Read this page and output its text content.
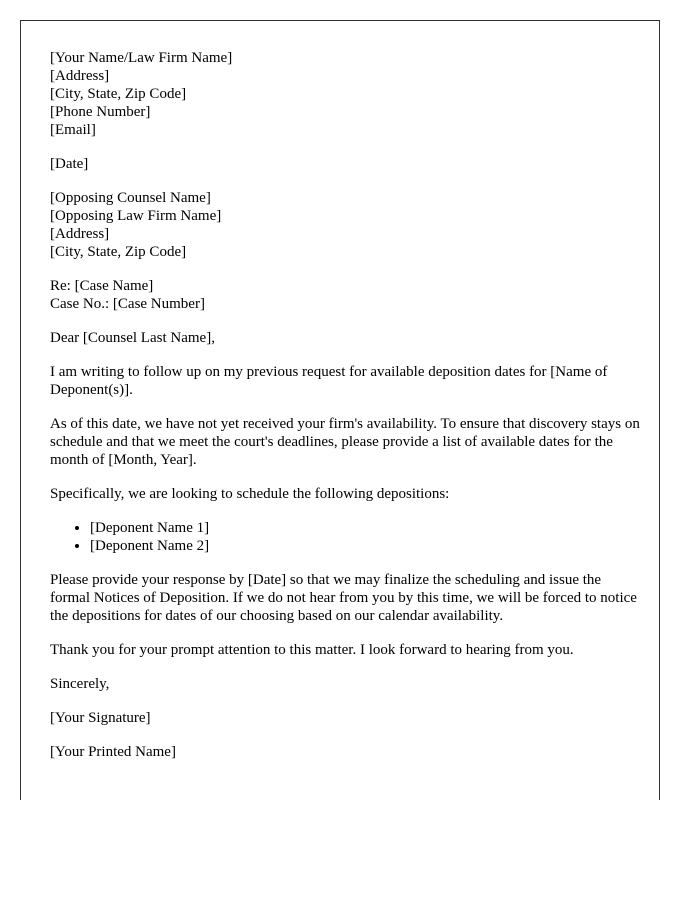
[Your Name/Law Firm Name]
[Address]
[City, State, Zip Code]
[Phone Number]
[Email]
[Date]
[Opposing Counsel Name]
[Opposing Law Firm Name]
[Address]
[City, State, Zip Code]
Re: [Case Name]
Case No.: [Case Number]

Dear [Counsel Last Name],

I am writing to follow up on my previous request for available deposition dates for [Name of Deponent(s)].

As of this date, we have not yet received your firm's availability. To ensure that discovery stays on schedule and that we meet the court's deadlines, please provide a list of available dates for the month of [Month, Year].

Specifically, we are looking to schedule the following depositions:

• [Deponent Name 1]
• [Deponent Name 2]

Please provide your response by [Date] so that we may finalize the scheduling and issue the formal Notices of Deposition. If we do not hear from you by this time, we will be forced to notice the depositions for dates of our choosing based on our calendar availability.

Thank you for your prompt attention to this matter. I look forward to hearing from you.

Sincerely,

[Your Signature]

[Your Printed Name]
